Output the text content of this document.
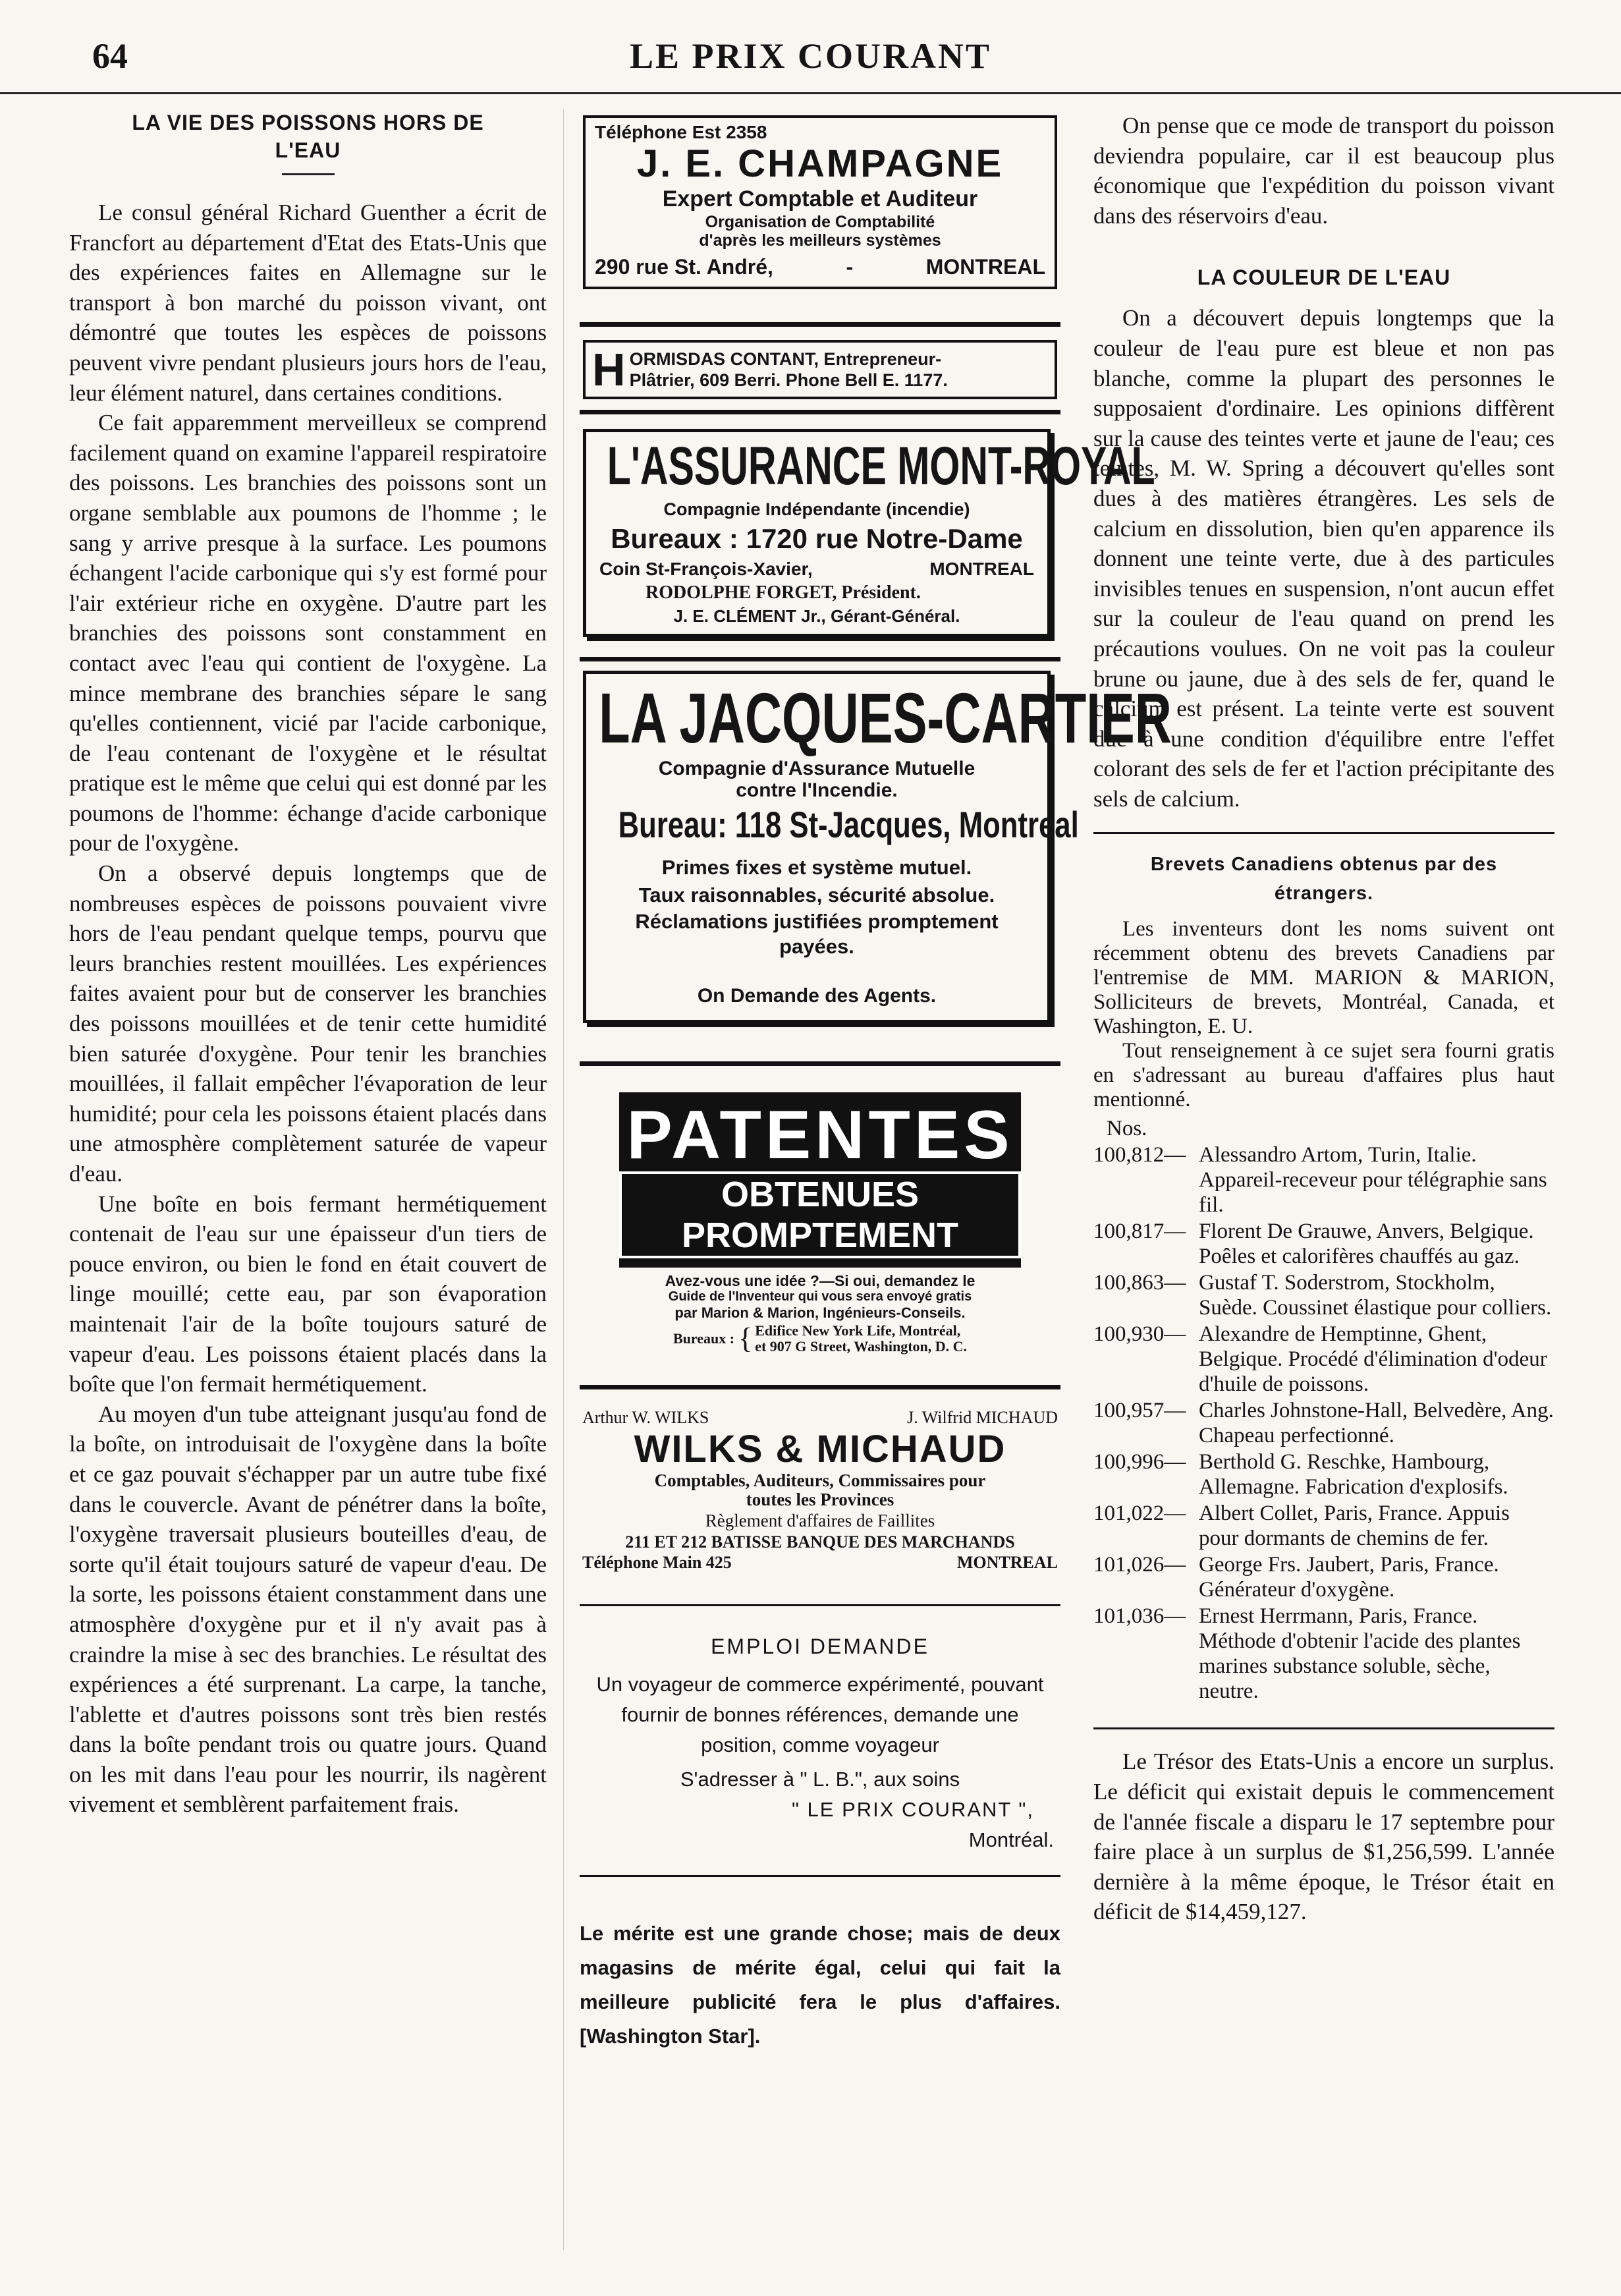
64	LE PRIX COURANT
LA VIE DES POISSONS HORS DE L'EAU

Le consul général Richard Guenther a écrit de Francfort au département d'Etat des Etats-Unis que des expériences faites en Allemagne sur le transport à bon marché du poisson vivant, ont démontré que toutes les espèces de poissons peuvent vivre pendant plusieurs jours hors de l'eau, leur élément naturel, dans certaines conditions.

Ce fait apparemment merveilleux se comprend facilement quand on examine l'appareil respiratoire des poissons. Les branchies des poissons sont un organe semblable aux poumons de l'homme ; le sang y arrive presque à la surface. Les poumons échangent l'acide carbonique qui s'y est formé pour l'air extérieur riche en oxygène. D'autre part les branchies des poissons sont constamment en contact avec l'eau qui contient de l'oxygène. La mince membrane des branchies sépare le sang qu'elles contiennent, vicié par l'acide carbonique, de l'eau contenant de l'oxygène et le résultat pratique est le même que celui qui est donné par les poumons de l'homme: échange d'acide carbonique pour de l'oxygène.

On a observé depuis longtemps que de nombreuses espèces de poissons pouvaient vivre hors de l'eau pendant quelque temps, pourvu que leurs branchies restent mouillées. Les expériences faites avaient pour but de conserver les branchies des poissons mouillées et de tenir cette humidité bien saturée d'oxygène. Pour tenir les branchies mouillées, il fallait empêcher l'évaporation de leur humidité; pour cela les poissons étaient placés dans une atmosphère complètement saturée de vapeur d'eau.

Une boîte en bois fermant hermétiquement contenait de l'eau sur une épaisseur d'un tiers de pouce environ, ou bien le fond en était couvert de linge mouillé; cette eau, par son évaporation maintenait l'air de la boîte toujours saturé de vapeur d'eau. Les poissons étaient placés dans la boîte que l'on fermait hermétiquement.

Au moyen d'un tube atteignant jusqu'au fond de la boîte, on introduisait de l'oxygène dans la boîte et ce gaz pouvait s'échapper par un autre tube fixé dans le couvercle. Avant de pénétrer dans la boîte, l'oxygène traversait plusieurs bouteilles d'eau, de sorte qu'il était toujours saturé de vapeur d'eau. De la sorte, les poissons étaient constamment dans une atmosphère d'oxygène pur et il n'y avait pas à craindre la mise à sec des branchies. Le résultat des expériences a été surprenant. La carpe, la tanche, l'ablette et d'autres poissons sont très bien restés dans la boîte pendant trois ou quatre jours. Quand on les mit dans l'eau pour les nourrir, ils nagèrent vivement et semblèrent parfaitement frais.

Téléphone Est 2358
J. E. CHAMPAGNE
Expert Comptable et Auditeur
Organisation de Comptabilité
d'après les meilleurs systèmes
290 rue St. André,	-	MONTREAL
H ORMISDAS CONTANT, Entrepreneur-
Plâtrier, 609 Berri. Phone Bell E. 1177.
L'ASSURANCE MONT-ROYAL
Compagnie Indépendante (incendie)
Bureaux : 1720 rue Notre-Dame
Coin St-François-Xavier,	MONTREAL
RODOLPHE FORGET, Président.
J. E. CLÉMENT Jr., Gérant-Général.
LA JACQUES-CARTIER
Compagnie d'Assurance Mutuelle
contre l'Incendie.
Bureau: 118 St-Jacques, Montreal
Primes fixes et système mutuel.
Taux raisonnables, sécurité absolue.
Réclamations justifiées promptement
payées.
On Demande des Agents.
PATENTES
OBTENUES PROMPTEMENT
Avez-vous une idée ?—Si oui, demandez le
Guide de l'Inventeur qui vous sera envoyé gratis
par Marion & Marion, Ingénieurs-Conseils.
Bureaux : { Edifice New York Life, Montréal,
et 907 G Street, Washington, D. C.
Arthur W. WILKS	J. Wilfrid MICHAUD
WILKS & MICHAUD
Comptables, Auditeurs, Commissaires pour
toutes les Provinces
Règlement d'affaires de Faillites
211 ET 212 BATISSE BANQUE DES MARCHANDS
Téléphone Main 425	MONTREAL
EMPLOI DEMANDE
Un voyageur de commerce expérimenté, pouvant fournir de bonnes références, demande une position, comme voyageur
S'adresser à " L. B.", aux soins
" LE PRIX COURANT ",
Montréal.
Le mérite est une grande chose; mais de deux magasins de mérite égal, celui qui fait la meilleure publicité fera le plus d'affaires. [Washington Star].

On pense que ce mode de transport du poisson deviendra populaire, car il est beaucoup plus économique que l'expédition du poisson vivant dans des réservoirs d'eau.

LA COULEUR DE L'EAU

On a découvert depuis longtemps que la couleur de l'eau pure est bleue et non pas blanche, comme la plupart des personnes le supposaient d'ordinaire. Les opinions diffèrent sur la cause des teintes verte et jaune de l'eau; ces teintes, M. W. Spring a découvert qu'elles sont dues à des matières étrangères. Les sels de calcium en dissolution, bien qu'en apparence ils donnent une teinte verte, due à des particules invisibles tenues en suspension, n'ont aucun effet sur la couleur de l'eau quand on prend les précautions voulues. On ne voit pas la couleur brune ou jaune, due à des sels de fer, quand le calcium est présent. La teinte verte est souvent due à une condition d'équilibre entre l'effet colorant des sels de fer et l'action précipitante des sels de calcium.

Brevets Canadiens obtenus par des étrangers.

Les inventeurs dont les noms suivent ont récemment obtenu des brevets Canadiens par l'entremise de MM. MARION & MARION, Solliciteurs de brevets, Montréal, Canada, et Washington, E. U.

Tout renseignement à ce sujet sera fourni gratis en s'adressant au bureau d'affaires plus haut mentionné.

Nos.
100,812— Alessandro Artom, Turin, Italie. Appareil-receveur pour télégraphie sans fil.
100,817— Florent De Grauwe, Anvers, Belgique. Poêles et calorifères chauffés au gaz.
100,863— Gustaf T. Soderstrom, Stockholm, Suède. Coussinet élastique pour colliers.
100,930— Alexandre de Hemptinne, Ghent, Belgique. Procédé d'élimination d'odeur d'huile de poissons.
100,957— Charles Johnstone-Hall, Belvedère, Ang. Chapeau perfectionné.
100,996— Berthold G. Reschke, Hambourg, Allemagne. Fabrication d'explosifs.
101,022— Albert Collet, Paris, France. Appuis pour dormants de chemins de fer.
101,026— George Frs. Jaubert, Paris, France. Générateur d'oxygène.
101,036— Ernest Herrmann, Paris, France. Méthode d'obtenir l'acide des plantes marines substance soluble, sèche, neutre.

Le Trésor des Etats-Unis a encore un surplus. Le déficit qui existait depuis le commencement de l'année fiscale a disparu le 17 septembre pour faire place à un surplus de $1,256,599. L'année dernière à la même époque, le Trésor était en déficit de $14,459,127.
